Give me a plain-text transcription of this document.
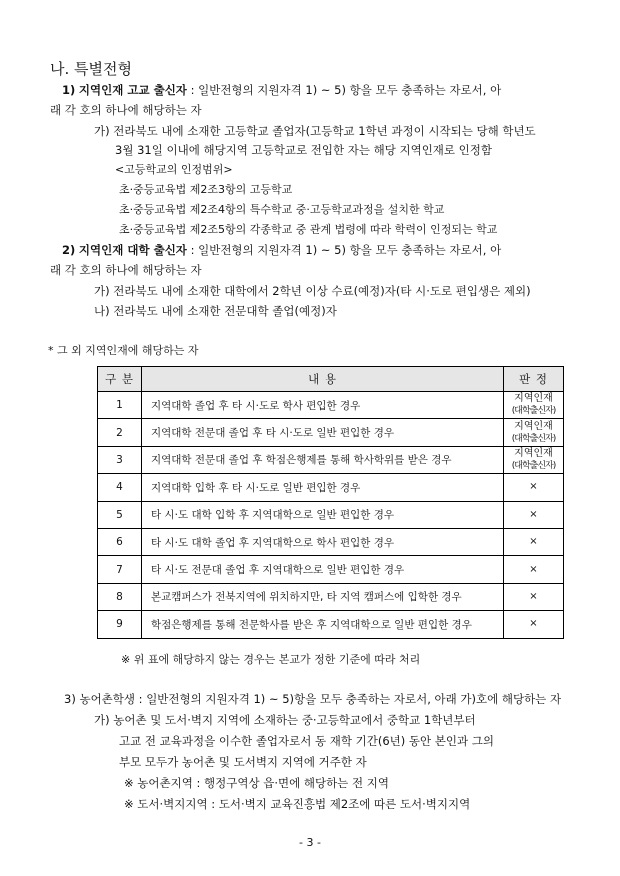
나. 특별전형
1) 지역인재 고교 출신자 : 일반전형의 지원자격 1) ~ 5) 항을 모두 충족하는 자로서, 아
래 각 호의 하나에 해당하는 자
가) 전라북도 내에 소재한 고등학교 졸업자(고등학교 1학년 과정이 시작되는 당해 학년도
3월 31일 이내에 해당지역 고등학교로 전입한 자는 해당 지역인재로 인정함
<고등학교의 인정범위>
초·중등교육법 제2조3항의 고등학교
초·중등교육법 제2조4항의 특수학교 중·고등학교과정을 설치한 학교
초·중등교육법 제2조5항의 각종학교 중 관계 법령에 따라 학력이 인정되는 학교
2) 지역인재 대학 출신자 : 일반전형의 지원자격 1) ~ 5) 항을 모두 충족하는 자로서, 아
래 각 호의 하나에 해당하는 자
가) 전라북도 내에 소재한 대학에서 2학년 이상 수료(예정)자(타 시·도로 편입생은 제외)
나) 전라북도 내에 소재한 전문대학 졸업(예정)자
* 그 외 지역인재에 해당하는 자
구 분	내 용	판 정
1	지역대학 졸업 후 타 시·도로 학사 편입한 경우	지역인재
(대학출신자)

2	지역대학 전문대 졸업 후 타 시·도로 일반 편입한 경우	지역인재
(대학출신자)

3	지역대학 전문대 졸업 후 학점은행제를 통해 학사학위를 받은 경우	지역인재
(대학출신자)

4	지역대학 입학 후 타 시·도로 일반 편입한 경우	×
5	타 시·도 대학 입학 후 지역대학으로 일반 편입한 경우	×
6	타 시·도 대학 졸업 후 지역대학으로 학사 편입한 경우	×
7	타 시·도 전문대 졸업 후 지역대학으로 일반 편입한 경우	×
8	본교캠퍼스가 전북지역에 위치하지만, 타 지역 캠퍼스에 입학한 경우	×
9	학점은행제를 통해 전문학사를 받은 후 지역대학으로 일반 편입한 경우	×
※ 위 표에 해당하지 않는 경우는 본교가 정한 기준에 따라 처리
3) 농어촌학생 : 일반전형의 지원자격 1) ~ 5)항을 모두 충족하는 자로서, 아래 가)호에 해당하는 자
가) 농어촌 및 도서·벽지 지역에 소재하는 중·고등학교에서 중학교 1학년부터
고교 전 교육과정을 이수한 졸업자로서 동 재학 기간(6년) 동안 본인과 그의
부모 모두가 농어촌 및 도서벽지 지역에 거주한 자
※ 농어촌지역 : 행정구역상 읍·면에 해당하는 전 지역
※ 도서·벽지지역 : 도서·벽지 교육진흥법 제2조에 따른 도서·벽지지역
- 3 -
